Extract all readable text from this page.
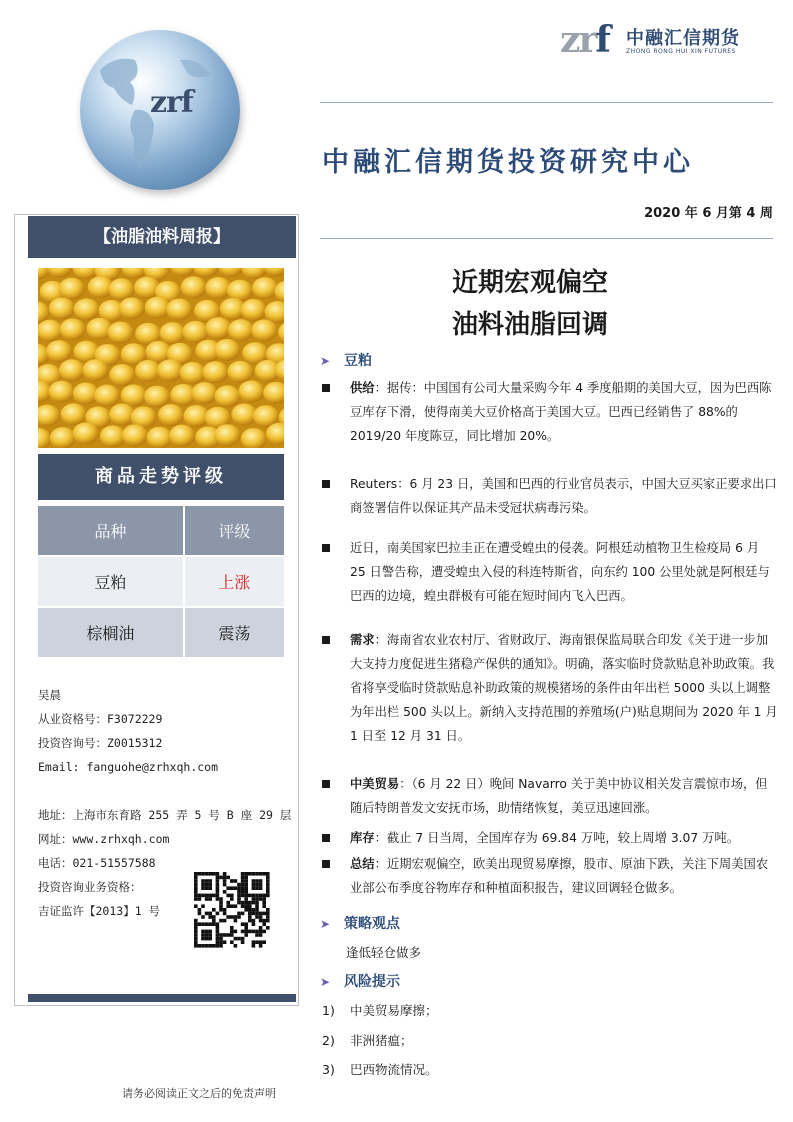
zrf
zrf 中融汇信期货
ZHONG RONG HUI XIN FUTURES
中融汇信期货投资研究中心
2020 年 6 月第 4 周
【油脂油料周报】
商品走势评级
品种	评级
豆粕	上涨
棕榈油	震荡
吴晨
从业资格号：F3072229
投资咨询号：Z0015312
Email: fanguohe@zrhxqh.com
地址：上海市东育路 255 弄 5 号 B 座 29 层
网址：www.zrhxqh.com
电话：021-51557588
投资咨询业务资格：
吉证监许【2013】1 号
近期宏观偏空
油料油脂回调
➤ 豆粕
供给：据传：中国国有公司大量采购今年 4 季度船期的美国大豆，因为巴西陈豆库存下滑，使得南美大豆价格高于美国大豆。巴西已经销售了 88%的 2019/20 年度陈豆，同比增加 20%。
Reuters：6 月 23 日，美国和巴西的行业官员表示，中国大豆买家正要求出口商签署信件以保证其产品未受冠状病毒污染。
近日，南美国家巴拉圭正在遭受蝗虫的侵袭。阿根廷动植物卫生检疫局 6 月 25 日警告称，遭受蝗虫入侵的科连特斯省，向东约 100 公里处就是阿根廷与巴西的边境，蝗虫群极有可能在短时间内飞入巴西。
需求：海南省农业农村厅、省财政厅、海南银保监局联合印发《关于进一步加大支持力度促进生猪稳产保供的通知》。明确，落实临时贷款贴息补助政策。我省将享受临时贷款贴息补助政策的规模猪场的条件由年出栏 5000 头以上调整为年出栏 500 头以上。新纳入支持范围的养殖场(户)贴息期间为 2020 年 1 月 1 日至 12 月 31 日。
中美贸易：（6 月 22 日）晚间 Navarro 关于美中协议相关发言震惊市场，但随后特朗普发文安抚市场，助情绪恢复，美豆迅速回涨。
库存：截止 7 日当周，全国库存为 69.84 万吨，较上周增 3.07 万吨。
总结：近期宏观偏空，欧美出现贸易摩擦，股市、原油下跌，关注下周美国农业部公布季度谷物库存和种植面积报告，建议回调轻仓做多。
➤ 策略观点
逢低轻仓做多
➤ 风险提示
1) 中美贸易摩擦；
2) 非洲猪瘟；
3) 巴西物流情况。
请务必阅读正文之后的免责声明
